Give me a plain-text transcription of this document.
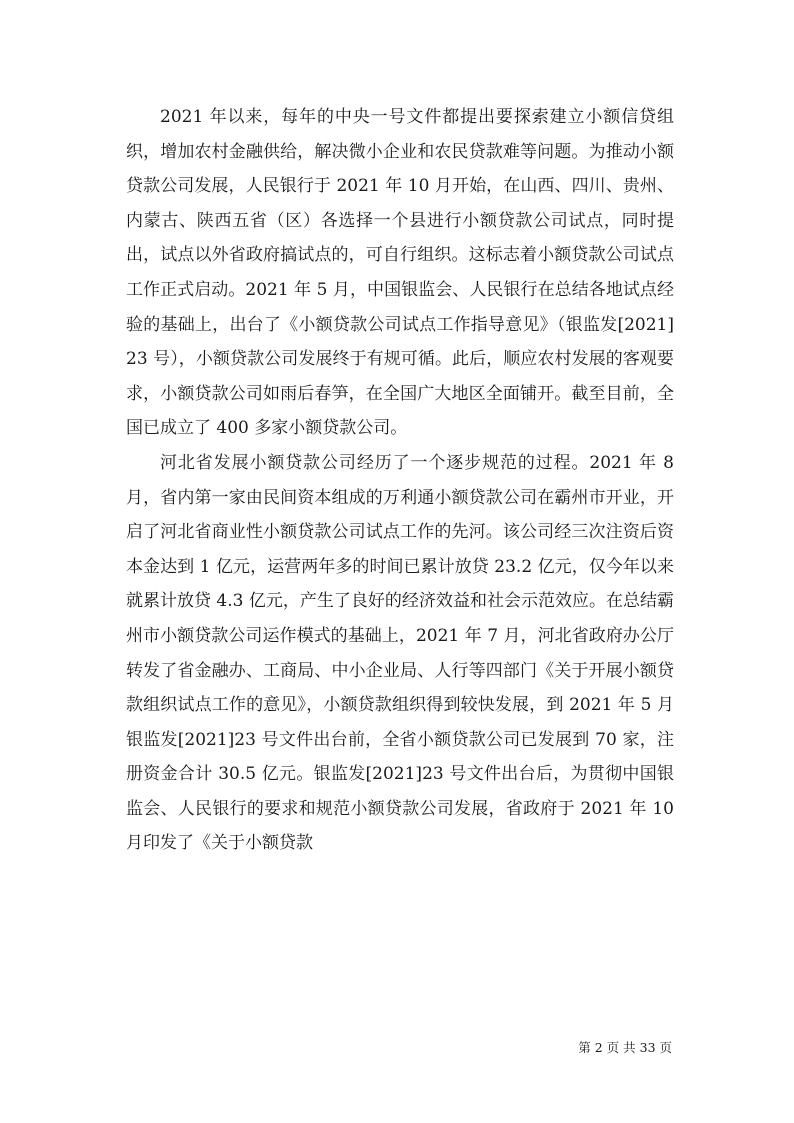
2021 年以来，每年的中央一号文件都提出要探索建立小额信贷组织，增加农村金融供给，解决微小企业和农民贷款难等问题。为推动小额贷款公司发展，人民银行于 2021 年 10 月开始，在山西、四川、贵州、内蒙古、陕西五省（区）各选择一个县进行小额贷款公司试点，同时提出，试点以外省政府搞试点的，可自行组织。这标志着小额贷款公司试点工作正式启动。2021 年 5 月，中国银监会、人民银行在总结各地试点经验的基础上，出台了《小额贷款公司试点工作指导意见》（银监发[2021]23 号），小额贷款公司发展终于有规可循。此后，顺应农村发展的客观要求，小额贷款公司如雨后春笋，在全国广大地区全面铺开。截至目前，全国已成立了 400 多家小额贷款公司。

河北省发展小额贷款公司经历了一个逐步规范的过程。2021 年 8 月，省内第一家由民间资本组成的万利通小额贷款公司在霸州市开业，开启了河北省商业性小额贷款公司试点工作的先河。该公司经三次注资后资本金达到 1 亿元，运营两年多的时间已累计放贷 23.2 亿元，仅今年以来就累计放贷 4.3 亿元，产生了良好的经济效益和社会示范效应。在总结霸州市小额贷款公司运作模式的基础上，2021 年 7 月，河北省政府办公厅转发了省金融办、工商局、中小企业局、人行等四部门《关于开展小额贷款组织试点工作的意见》，小额贷款组织得到较快发展，到 2021 年 5 月银监发[2021]23 号文件出台前，全省小额贷款公司已发展到 70 家，注册资金合计 30.5 亿元。银监发[2021]23 号文件出台后，为贯彻中国银监会、人民银行的要求和规范小额贷款公司发展，省政府于 2021 年 10 月印发了《关于小额贷款

第 2 页 共 33 页
